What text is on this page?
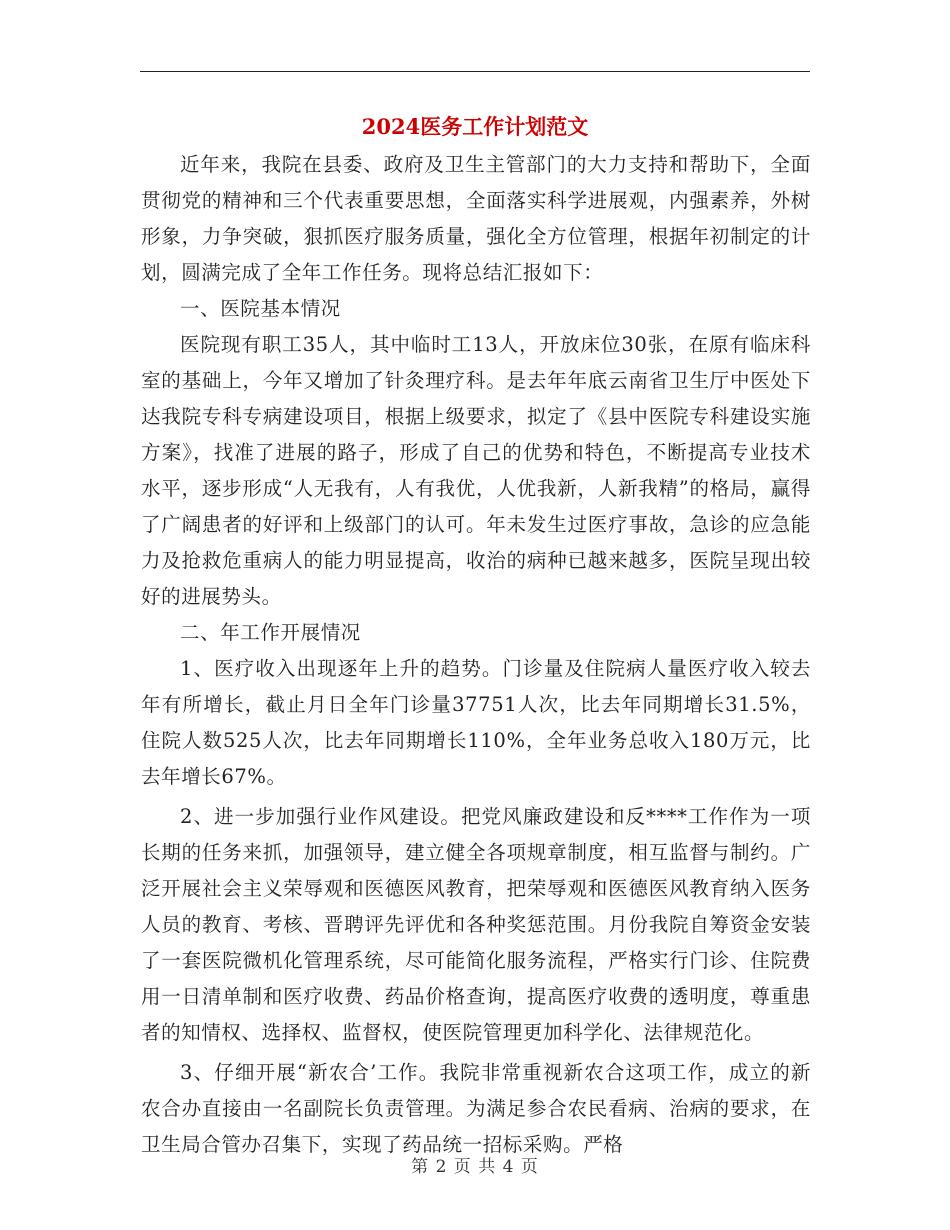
2024医务工作计划范文

近年来，我院在县委、政府及卫生主管部门的大力支持和帮助下，全面贯彻党的精神和三个代表重要思想，全面落实科学进展观，内强素养，外树形象，力争突破，狠抓医疗服务质量，强化全方位管理，根据年初制定的计划，圆满完成了全年工作任务。现将总结汇报如下：

一、医院基本情况

医院现有职工35人，其中临时工13人，开放床位30张，在原有临床科室的基础上，今年又增加了针灸理疗科。是去年年底云南省卫生厅中医处下达我院专科专病建设项目，根据上级要求，拟定了《县中医院专科建设实施方案》，找准了进展的路子，形成了自己的优势和特色，不断提高专业技术水平，逐步形成“人无我有，人有我优，人优我新，人新我精”的格局，赢得了广阔患者的好评和上级部门的认可。年未发生过医疗事故，急诊的应急能力及抢救危重病人的能力明显提高，收治的病种已越来越多，医院呈现出较好的进展势头。

二、年工作开展情况

1、医疗收入出现逐年上升的趋势。门诊量及住院病人量医疗收入较去年有所增长，截止月日全年门诊量37751人次，比去年同期增长31.5%，住院人数525人次，比去年同期增长110%，全年业务总收入180万元，比去年增长67%。

2、进一步加强行业作风建设。把党风廉政建设和反****工作作为一项长期的任务来抓，加强领导，建立健全各项规章制度，相互监督与制约。广泛开展社会主义荣辱观和医德医风教育，把荣辱观和医德医风教育纳入医务人员的教育、考核、晋聘评先评优和各种奖惩范围。月份我院自筹资金安装了一套医院微机化管理系统，尽可能简化服务流程，严格实行门诊、住院费用一日清单制和医疗收费、药品价格查询，提高医疗收费的透明度，尊重患者的知情权、选择权、监督权，使医院管理更加科学化、法律规范化。

3、仔细开展“新农合’工作。我院非常重视新农合这项工作，成立的新农合办直接由一名副院长负责管理。为满足参合农民看病、治病的要求，在卫生局合管办召集下，实现了药品统一招标采购。严格

第 2 页 共 4 页
